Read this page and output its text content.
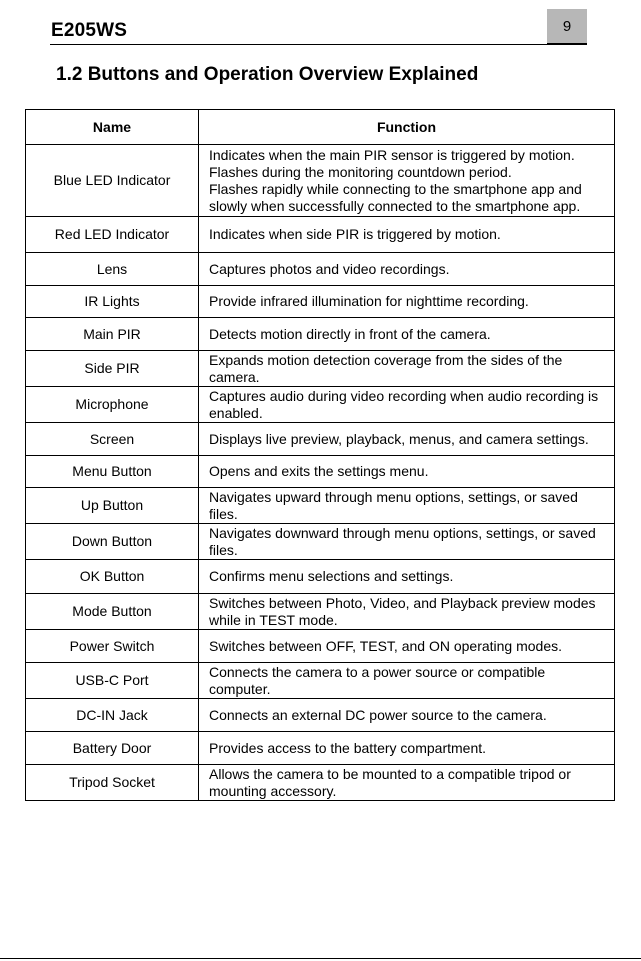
E205WS	9
1.2 Buttons and Operation Overview Explained
Name	Function
Blue LED Indicator	Indicates when the main PIR sensor is triggered by motion.
Flashes during the monitoring countdown period.
Flashes rapidly while connecting to the smartphone app and slowly when successfully connected to the smartphone app.

Red LED Indicator	Indicates when side PIR is triggered by motion.
Lens	Captures photos and video recordings.
IR Lights	Provide infrared illumination for nighttime recording.
Main PIR	Detects motion directly in front of the camera.
Side PIR	Expands motion detection coverage from the sides of the camera.
Microphone	Captures audio during video recording when audio recording is enabled.
Screen	Displays live preview, playback, menus, and camera settings.
Menu Button	Opens and exits the settings menu.
Up Button	Navigates upward through menu options, settings, or saved files.
Down Button	Navigates downward through menu options, settings, or saved files.
OK Button	Confirms menu selections and settings.
Mode Button	Switches between Photo, Video, and Playback preview modes while in TEST mode.
Power Switch	Switches between OFF, TEST, and ON operating modes.
USB-C Port	Connects the camera to a power source or compatible computer.
DC-IN Jack	Connects an external DC power source to the camera.
Battery Door	Provides access to the battery compartment.
Tripod Socket	Allows the camera to be mounted to a compatible tripod or mounting accessory.
